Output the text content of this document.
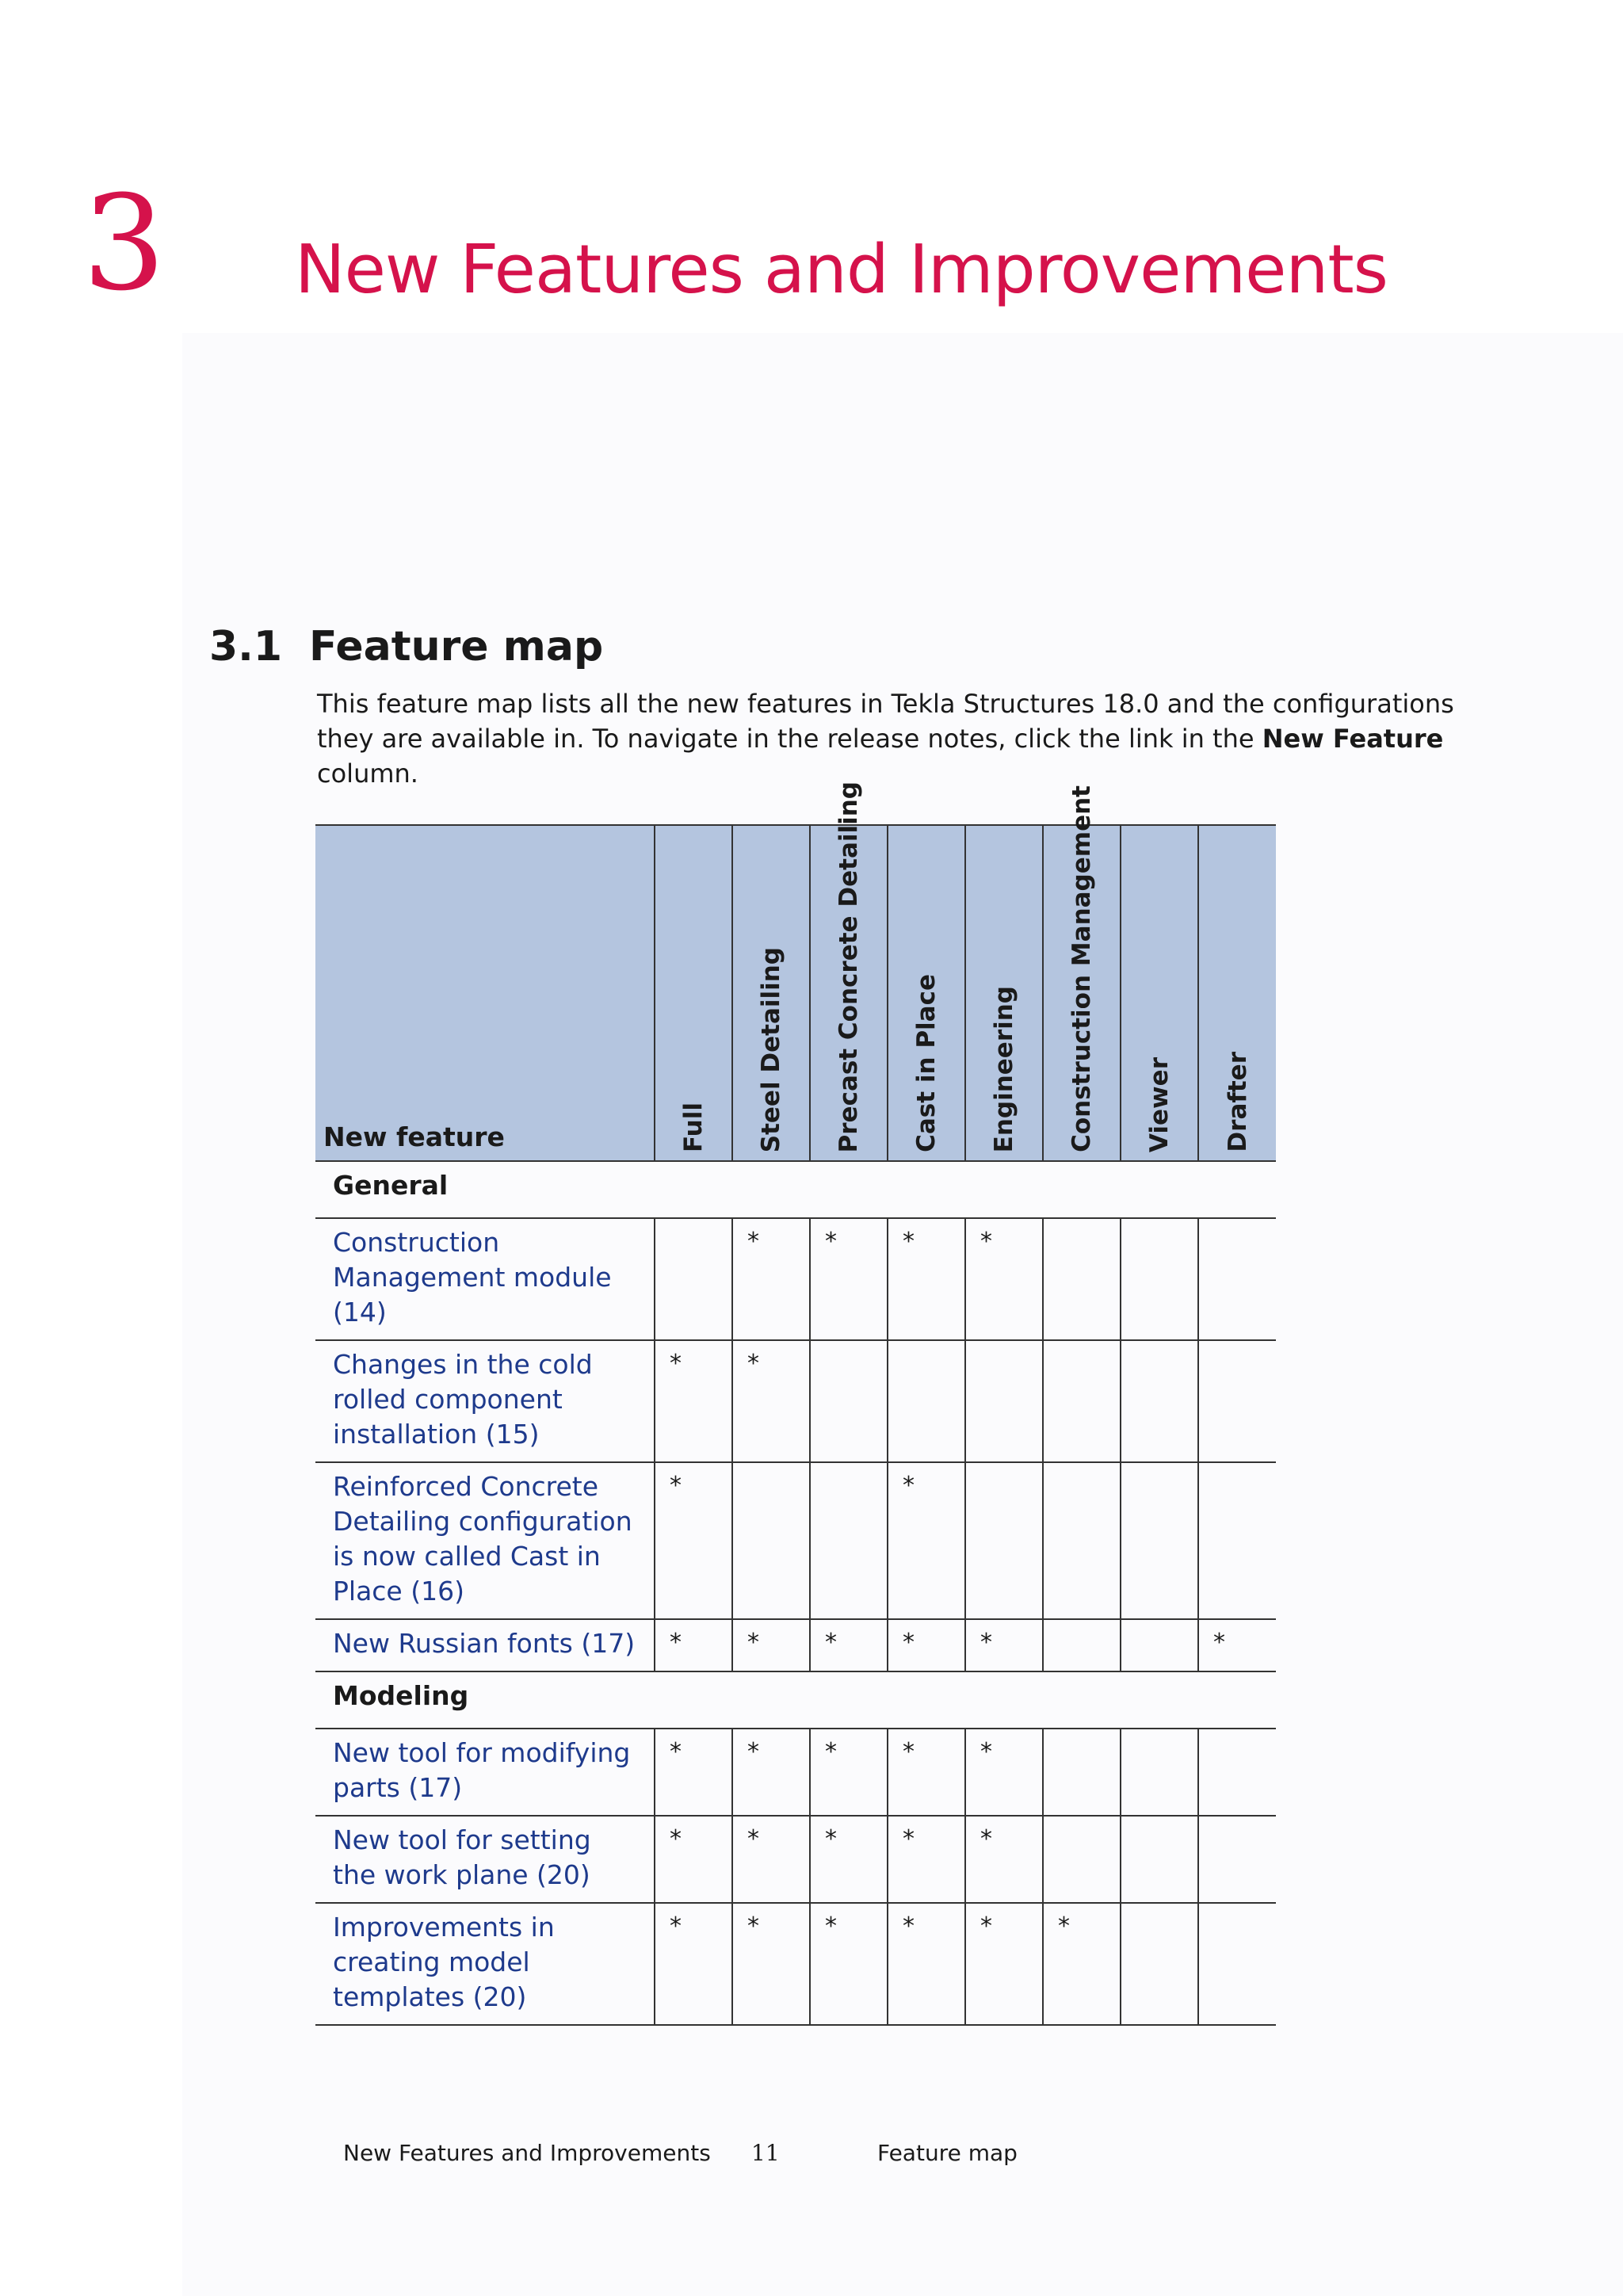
3 New Features and Improvements
3.1 Feature map
This feature map lists all the new features in Tekla Structures 18.0 and the configurations they are available in. To navigate in the release notes, click the link in the New Feature column.
New feature	Full	Steel Detailing	Precast Concrete Detailing	Cast in Place	Engineering	Construction Management	Viewer	Drafter

General								
Construction Management module (14)		*	*	*	*			
Changes in the cold rolled component installation (15)	*	*						
Reinforced Concrete Detailing configuration is now called Cast in Place (16)	*			*				
New Russian fonts (17)	*	*	*	*	*			*
Modeling								
New tool for modifying parts (17)	*	*	*	*	*			
New tool for setting the work plane (20)	*	*	*	*	*			
Improvements in creating model templates (20)	*	*	*	*	*	*		
New Features and Improvements 11	Feature map
